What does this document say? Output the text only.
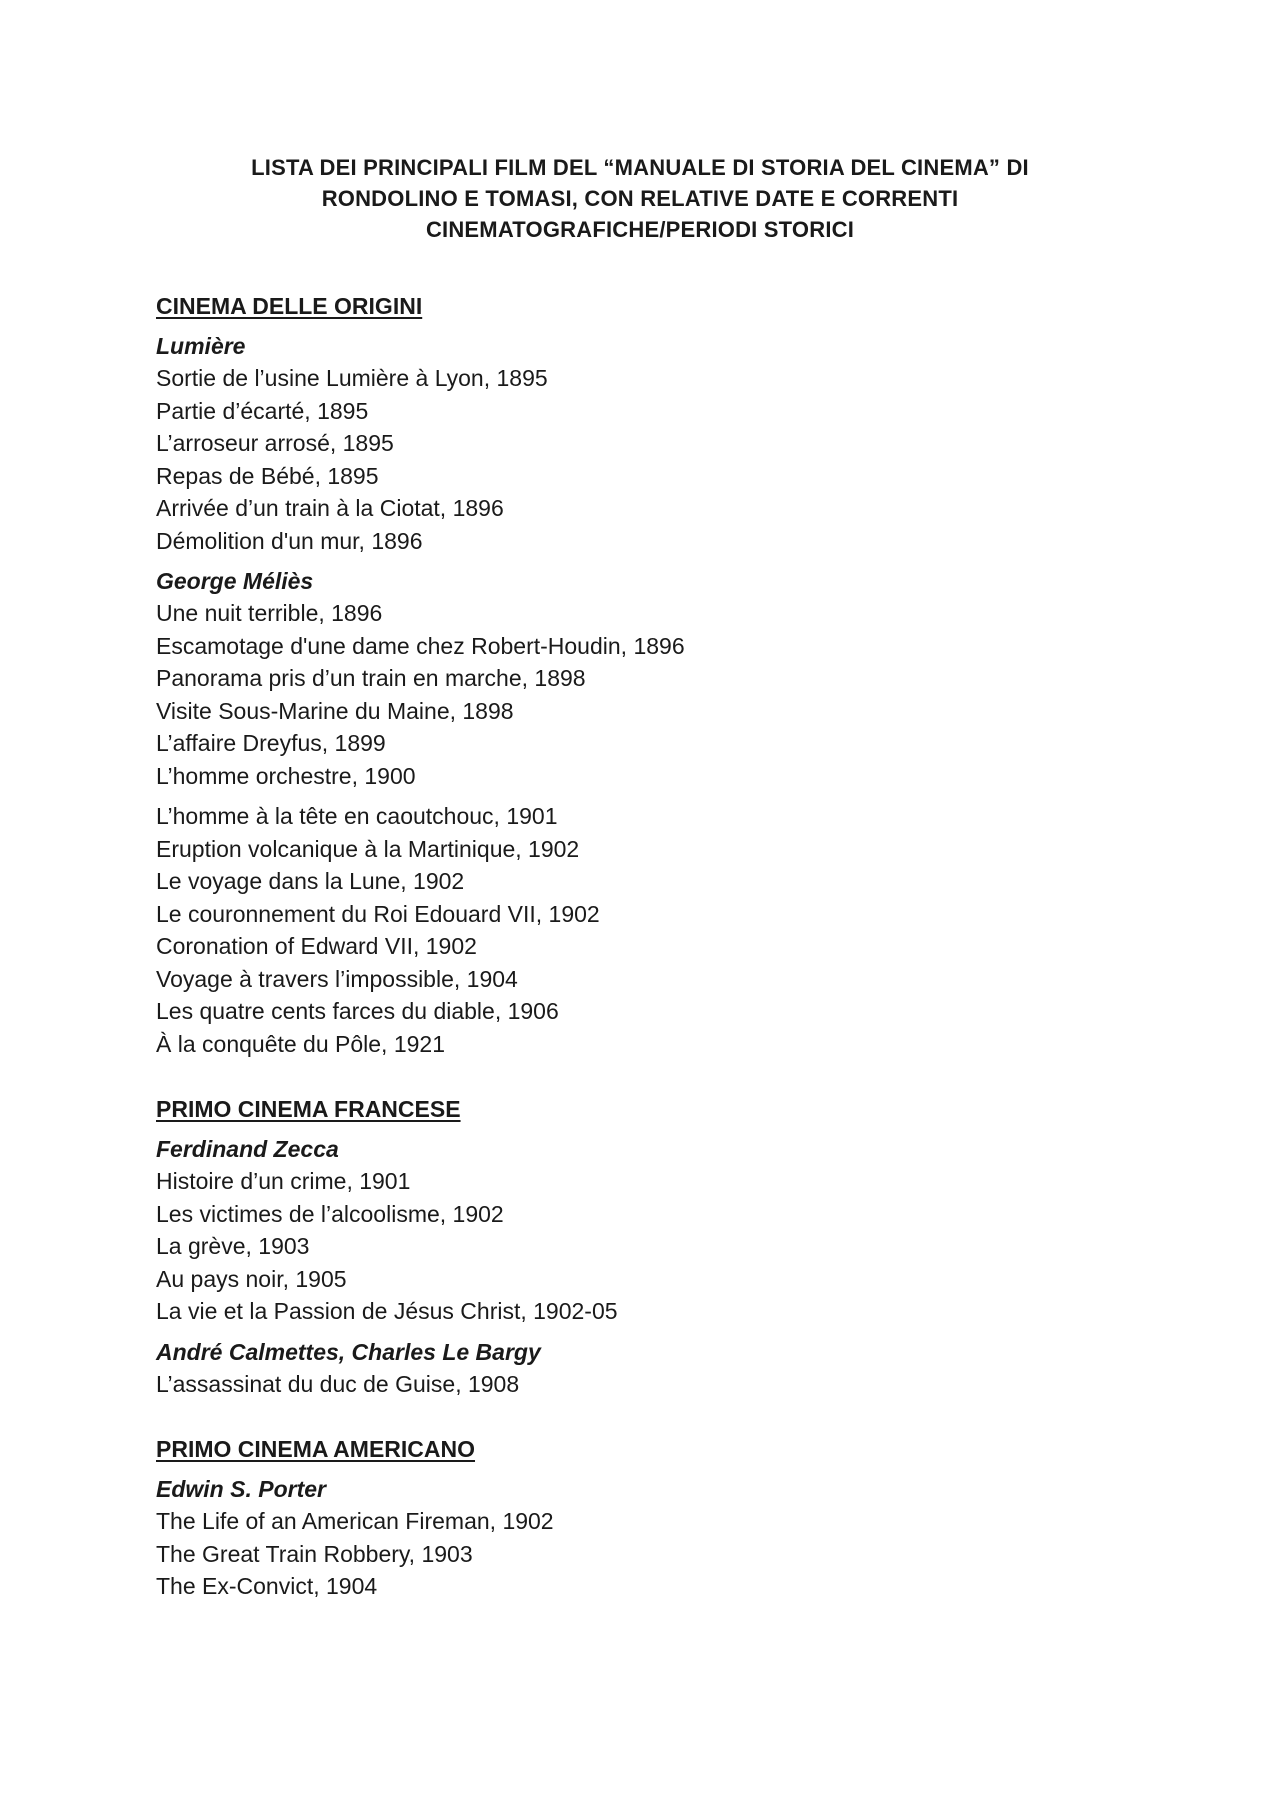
LISTA DEI PRINCIPALI FILM DEL “MANUALE DI STORIA DEL CINEMA” DI
RONDOLINO E TOMASI, CON RELATIVE DATE E CORRENTI
CINEMATOGRAFICHE/PERIODI STORICI
CINEMA DELLE ORIGINI
Lumière
Sortie de l’usine Lumière à Lyon, 1895
Partie d’écarté, 1895
L’arroseur arrosé, 1895
Repas de Bébé, 1895
Arrivée d’un train à la Ciotat, 1896
Démolition d'un mur, 1896
George Méliès
Une nuit terrible, 1896
Escamotage d'une dame chez Robert-Houdin, 1896
Panorama pris d’un train en marche, 1898
Visite Sous-Marine du Maine, 1898
L’affaire Dreyfus, 1899
L’homme orchestre, 1900
L’homme à la tête en caoutchouc, 1901
Eruption volcanique à la Martinique, 1902
Le voyage dans la Lune, 1902
Le couronnement du Roi Edouard VII, 1902
Coronation of Edward VII, 1902
Voyage à travers l’impossible, 1904
Les quatre cents farces du diable, 1906
À la conquête du Pôle, 1921
PRIMO CINEMA FRANCESE
Ferdinand Zecca
Histoire d’un crime, 1901
Les victimes de l’alcoolisme, 1902
La grève, 1903
Au pays noir, 1905
La vie et la Passion de Jésus Christ, 1902-05
André Calmettes, Charles Le Bargy
L’assassinat du duc de Guise, 1908
PRIMO CINEMA AMERICANO
Edwin S. Porter
The Life of an American Fireman, 1902
The Great Train Robbery, 1903
The Ex-Convict, 1904
